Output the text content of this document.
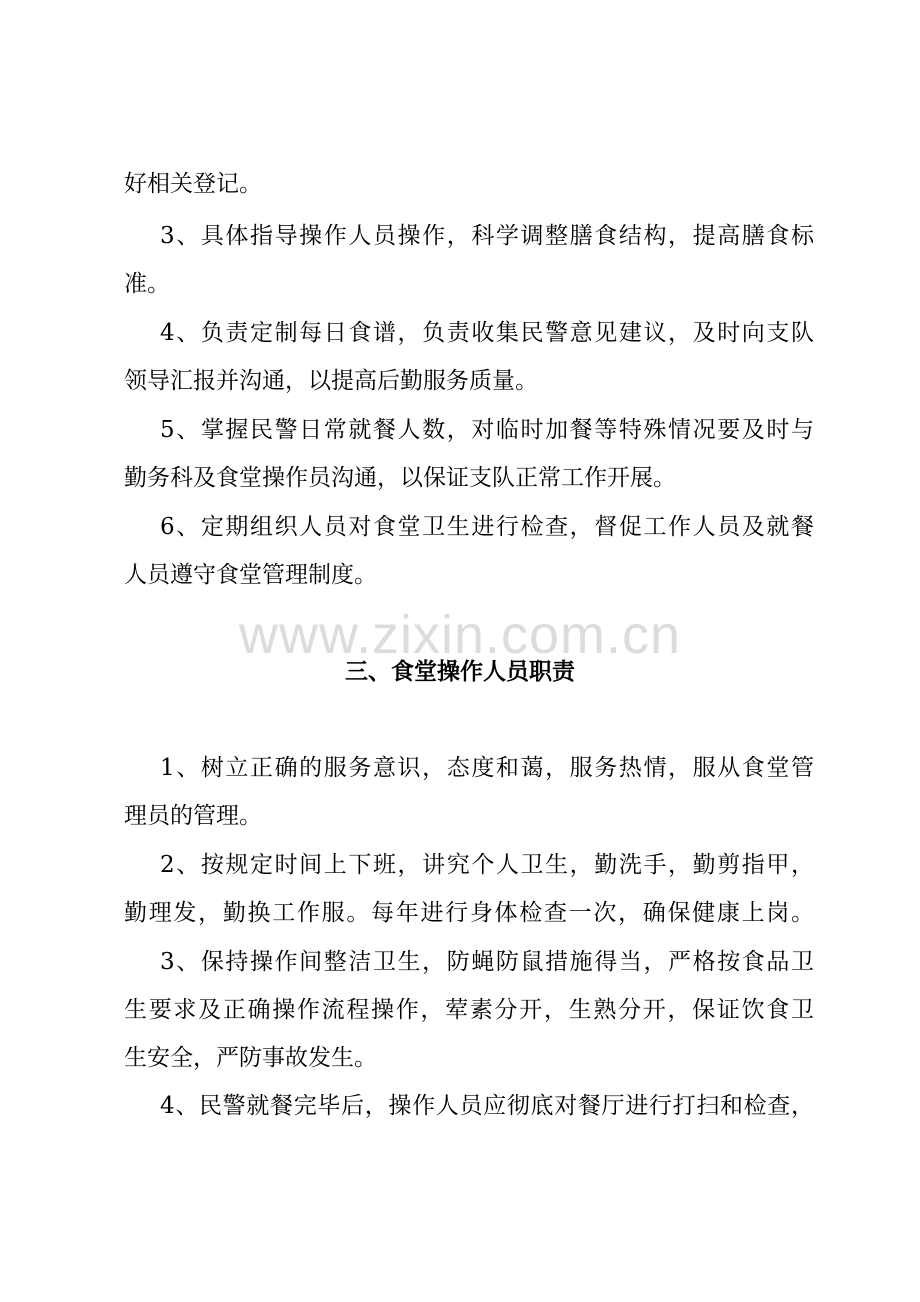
www.zixin.com.cn
好相关登记。
3、具体指导操作人员操作，科学调整膳食结构，提高膳食标
准。
4、负责定制每日食谱，负责收集民警意见建议，及时向支队
领导汇报并沟通，以提高后勤服务质量。
5、掌握民警日常就餐人数，对临时加餐等特殊情况要及时与
勤务科及食堂操作员沟通，以保证支队正常工作开展。
6、定期组织人员对食堂卫生进行检查，督促工作人员及就餐
人员遵守食堂管理制度。
三、食堂操作人员职责
1、树立正确的服务意识，态度和蔼，服务热情，服从食堂管
理员的管理。
2、按规定时间上下班，讲究个人卫生，勤洗手，勤剪指甲，
勤理发，勤换工作服。每年进行身体检查一次，确保健康上岗。
3、保持操作间整洁卫生，防蝇防鼠措施得当，严格按食品卫
生要求及正确操作流程操作，荤素分开，生熟分开，保证饮食卫
生安全，严防事故发生。
4、民警就餐完毕后，操作人员应彻底对餐厅进行打扫和检查，
